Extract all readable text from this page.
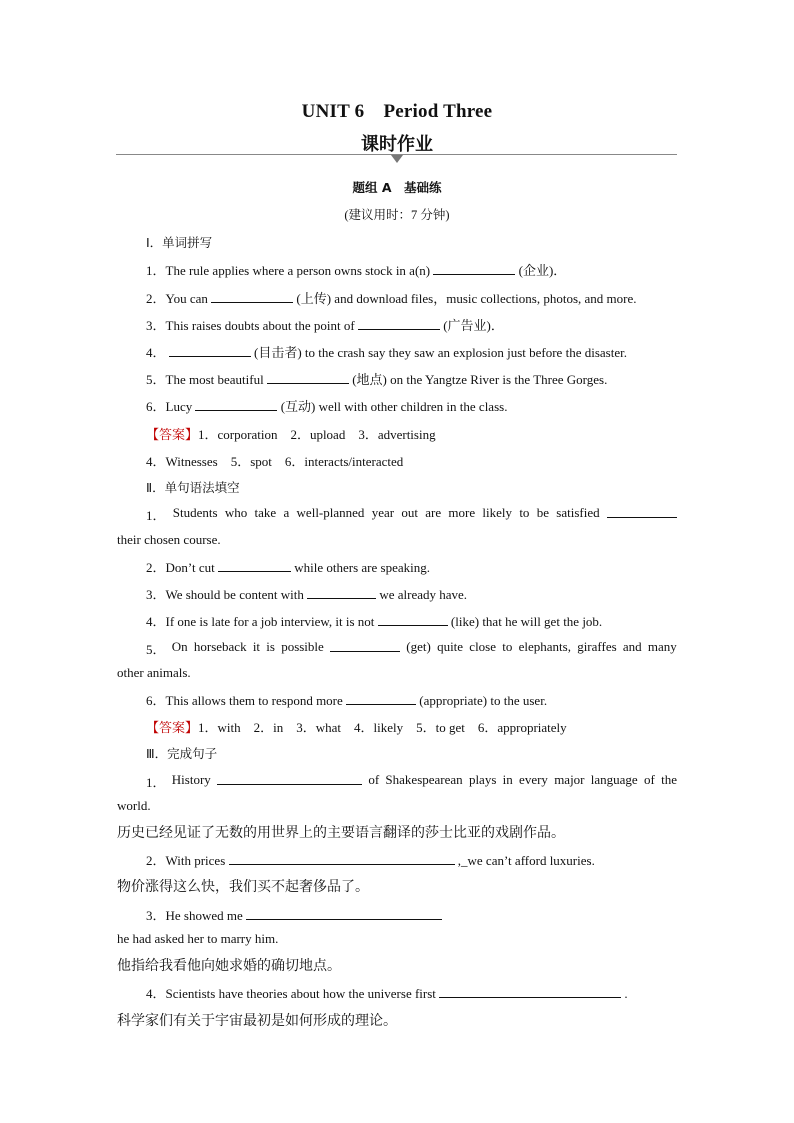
UNIT 6　Period Three
课时作业
题组 A　基础练
(建议用时：7 分钟)
Ⅰ．单词拼写
1．The rule applies where a person owns stock in a(n)	(企业)．
2．You can	(上传) and download files，music collections, photos, and more.
3．This raises doubts about the point of	(广告业)．
4．	(目击者) to the crash say they saw an explosion just before the disaster.
5．The most beautiful	(地点) on the Yangtze River is the Three Gorges.
6．Lucy	(互动) well with other children in the class.
【答案】1．corporation　2．upload　3．advertising
4．Witnesses　5．spot　6．interacts/interacted
Ⅱ．单句语法填空
1． Students who take a well-planned year out are more likely to be satisfied
their chosen course.
2．Don’t cut	while others are speaking.
3．We should be content with	we already have.
4．If one is late for a job interview, it is not	(like) that he will get the job.
5． On horseback it is possible	(get) quite close to elephants, giraffes and many
other animals.
6．This allows them to respond more	(appropriate) to the user.
【答案】1．with　2．in　3．what　4．likely　5．to get　6．appropriately
Ⅲ．完成句子
1． History	of Shakespearean plays in every major language of the
world.
历史已经见证了无数的用世界上的主要语言翻译的莎士比亚的戏剧作品。
2．With prices	,_we can’t afford luxuries.
物价涨得这么快，我们买不起奢侈品了。
3．He showed me
he had asked her to marry him.
他指给我看他向她求婚的确切地点。
4．Scientists have theories about how the universe first	.
科学家们有关于宇宙最初是如何形成的理论。
